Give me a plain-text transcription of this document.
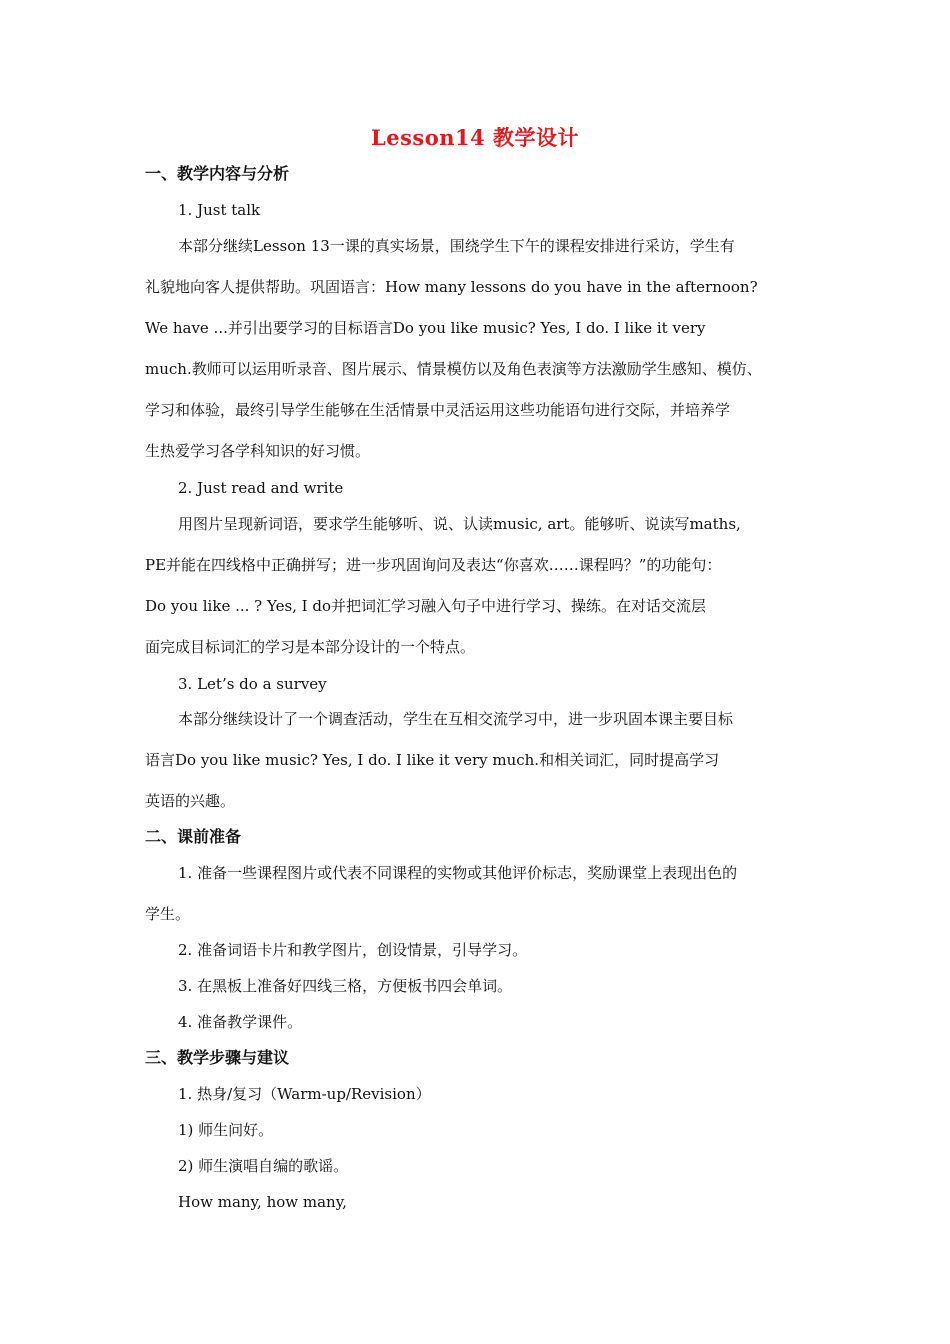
Lesson14 教学设计
一、教学内容与分析
1. Just talk
本部分继续Lesson 13一课的真实场景，围绕学生下午的课程安排进行采访，学生有
礼貌地向客人提供帮助。巩固语言：How many lessons do you have in the afternoon?
We have ...并引出要学习的目标语言Do you like music? Yes, I do. I like it very
much.教师可以运用听录音、图片展示、情景模仿以及角色表演等方法激励学生感知、模仿、
学习和体验，最终引导学生能够在生活情景中灵活运用这些功能语句进行交际，并培养学
生热爱学习各学科知识的好习惯。
2. Just read and write
用图片呈现新词语，要求学生能够听、说、认读music, art。能够听、说读写maths,
PE并能在四线格中正确拼写；进一步巩固询问及表达“你喜欢……课程吗？”的功能句：
Do you like ... ? Yes, I do并把词汇学习融入句子中进行学习、操练。在对话交流层
面完成目标词汇的学习是本部分设计的一个特点。
3. Let’s do a survey
本部分继续设计了一个调查活动，学生在互相交流学习中，进一步巩固本课主要目标
语言Do you like music? Yes, I do. I like it very much.和相关词汇，同时提高学习
英语的兴趣。
二、课前准备
1. 准备一些课程图片或代表不同课程的实物或其他评价标志，奖励课堂上表现出色的
学生。
2. 准备词语卡片和教学图片，创设情景，引导学习。
3. 在黑板上准备好四线三格，方便板书四会单词。
4. 准备教学课件。
三、教学步骤与建议
1. 热身/复习（Warm-up/Revision）
1) 师生问好。
2) 师生演唱自编的歌谣。
How many, how many,
